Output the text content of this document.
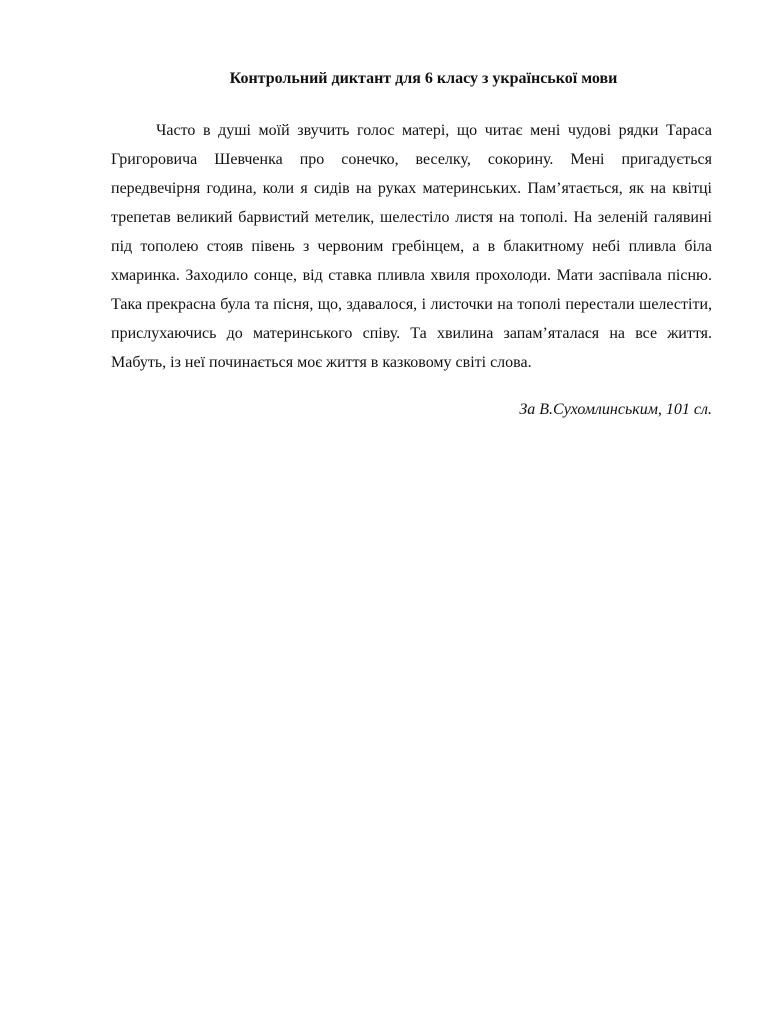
Контрольний диктант для 6 класу з української мови

Часто в душі моїй звучить голос матері, що читає мені чудові рядки Тараса Григоровича Шевченка про сонечко, веселку, сокорину. Мені пригадується передвечірня година, коли я сидів на руках материнських. Пам’ятається, як на квітці трепетав великий барвистий метелик, шелестіло листя на тополі. На зеленій галявині під тополею стояв півень з червоним гребінцем, а в блакитному небі пливла біла хмаринка. Заходило сонце, від ставка пливла хвиля прохолоди. Мати заспівала пісню. Така прекрасна була та пісня, що, здавалося, і листочки на тополі перестали шелестіти, прислухаючись до материнського співу. Та хвилина запам’яталася на все життя. Мабуть, із неї починається моє життя в казковому світі слова.

За В.Сухомлинським, 101 сл.
